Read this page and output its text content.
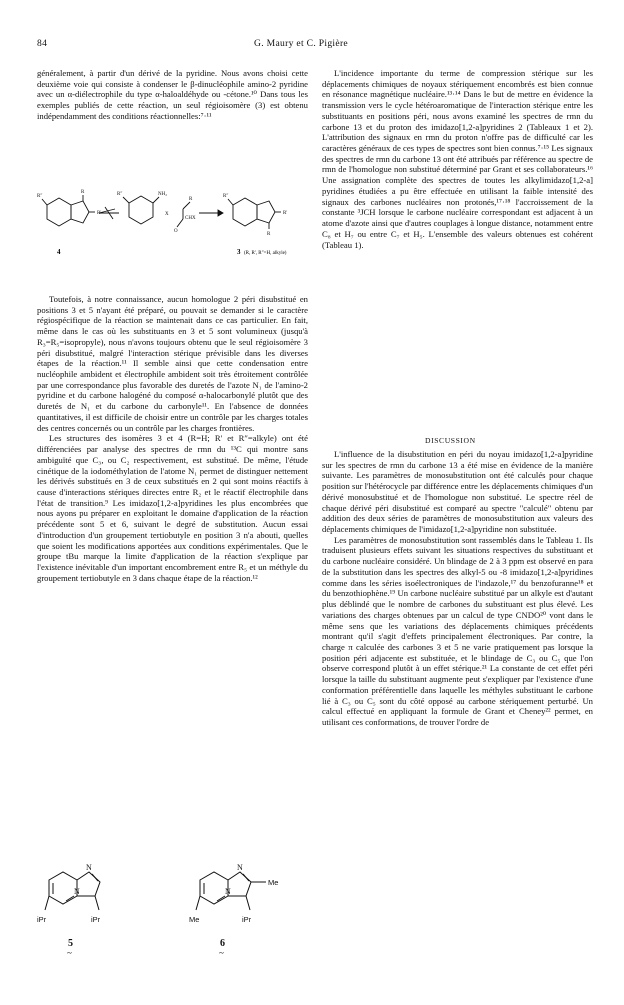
84	G. Maury et C. Pigière

généralement, à partir d'un dérivé de la pyridine. Nous avons choisi cette deuxième voie qui consiste à condenser le β-dinucléophile amino-2 pyridine avec un α-diélectrophile du type α-haloaldéhyde ou -cétone.¹⁰ Dans tous les exemples publiés de cette réaction, un seul régioisomère (3) est obtenu indépendamment des conditions réactionnelles:⁷·¹¹

R″
R'
R	R″	NH₂
X
R
O
CHX
R″
R'
R
4	3 (R, R', R″=H, alkyle)

Toutefois, à notre connaissance, aucun homologue 2 péri disubstitué en positions 3 et 5 n'ayant été préparé, ou pouvait se demander si le caractère régiospécifique de la réaction se maintenait dans ce cas particulier. En fait, même dans le cas où les substituants en 3 et 5 sont volumineux (jusqu'à R₃=R₅=isopropyle), nous n'avons toujours obtenu que le seul régioisomère 3 péri disubstitué, malgré l'interaction stérique prévisible dans les diverses étapes de la réaction.¹¹ Il semble ainsi que cette condensation entre nucléophile ambident et électrophile ambident soit très étroitement contrôlée par une correspondance plus favorable des duretés de l'azote N₁ de l'amino-2 pyridine et du carbone halogéné du composé α-halocarbonylé plutôt que des duretés de N₁ et du carbone du carbonyle¹¹. En l'absence de données quantitatives, il est difficile de choisir entre un contrôle par les charges totales des centres concernés ou un contrôle par les charges frontières.

Les structures des isomères 3 et 4 (R=H; R' et R″=alkyle) ont été différenciées par analyse des spectres de rmn du ¹³C qui montre sans ambiguïté que C₃, ou C₂ respectivement, est substitué. De même, l'étude cinétique de la iodométhylation de l'atome N₁ permet de distinguer nettement les dérivés substitués en 3 de ceux substitués en 2 qui sont moins réactifs à cause d'interactions stériques directes entre R₂ et le réactif électrophile dans l'état de transition.⁹ Les imidazo[1,2-a]pyridines les plus encombrées que nous ayons pu préparer en exploitant le domaine d'application de la réaction précédente sont 5 et 6, suivant le degré de substitution. Aucun essai d'introduction d'un groupement tertiobutyle en position 3 n'a abouti, quelles que soient les modifications apportées aux conditions expérimentales. Que le groupe tBu marque la limite d'application de la réaction s'explique par l'existence inévitable d'un important encombrement entre R₅ et un méthyle du groupement tertiobutyle en 3 dans chaque étape de la réaction.¹²

L'incidence importante du terme de compression stérique sur les déplacements chimiques de noyaux stériquement encombrés est bien connue en résonance magnétique nucléaire.¹³·¹⁴ Dans le but de mettre en évidence la transmission vers le cycle hétéroaromatique de l'interaction stérique entre les substituants en positions péri, nous avons examiné les spectres de rmn du carbone 13 et du proton des imidazo[1,2-a]pyridines 2 (Tableaux 1 et 2). L'attribution des signaux en rmn du proton n'offre pas de difficulté car les caractères généraux de ces types de spectres sont bien connus.⁷·¹⁵ Les signaux des spectres de rmn du carbone 13 ont été attribués par référence au spectre de rmn de l'homologue non substitué déterminé par Grant et ses collaborateurs.¹⁶ Une assignation complète des spectres de toutes les alkylimidazo[1,2-a] pyridines étudiées a pu être effectuée en utilisant la faible intensité des signaux des carbones nucléaires non protonés,¹⁷·¹⁸ l'accroissement de la constante ³JCH lorsque le carbone nucléaire correspondant est adjacent à un atome d'azote ainsi que d'autres couplages à longue distance, notamment entre C₈ et H₇ ou entre C₇ et H₅. L'ensemble des valeurs obtenues est cohérent (Tableau 1).

DISCUSSION

L'influence de la disubstitution en péri du noyau imidazo[1,2-a]pyridine sur les spectres de rmn du carbone 13 a été mise en évidence de la manière suivante. Les paramètres de monosubstitution ont été calculés pour chaque position sur l'hétérocycle par différence entre les déplacements chimiques d'un dérivé monosubstitué et de l'homologue non substitué. Le spectre réel de chaque dérivé péri disubstitué est comparé au spectre "calculé" obtenu par addition des deux séries de paramètres de monosubstitution aux valeurs des déplacements chimiques de l'imidazo[1,2-a]pyridine non substituée.

Les paramètres de monosubstitution sont rassemblés dans le Tableau 1. Ils traduisent plusieurs effets suivant les situations respectives du substituant et du carbone nucléaire considéré. Un blindage de 2 à 3 ppm est observé en para de la substitution dans les spectres des alkyl-5 ou -8 imidazo[1,2-a]pyridines comme dans les séries isoélectroniques de l'indazole,¹⁷ du benzofuranne¹⁸ et du benzothiophène.¹⁹ Un carbone nucléaire substitué par un alkyle est d'autant plus déblindé que le nombre de carbones du substituant est plus élevé. Les variations des charges obtenues par un calcul de type CNDO²⁰ vont dans le même sens que les variations des déplacements chimiques précédents montrant qu'il s'agit d'effets principalement électroniques. Par contre, la charge π calculée des carbones 3 et 5 ne varie pratiquement pas lorsque la position péri adjacente est substituée, et le blindage de C₃ ou C₅ que l'on observe correspond plutôt à un effet stérique.²¹ La constante de cet effet péri lorsque la taille du substituant augmente peut s'expliquer par l'existence d'une conformation préférentielle dans laquelle les méthyles substituant le carbone lié à C₃ ou C₅ sont du côté opposé au carbone stériquement perturbé. Un calcul effectué en appliquant la formule de Grant et Cheney²² permet, en utilisant ces conformations, de trouver l'ordre de

N
N
iPr	iPr
5
~
N
N
Me
Me	iPr
6
~
